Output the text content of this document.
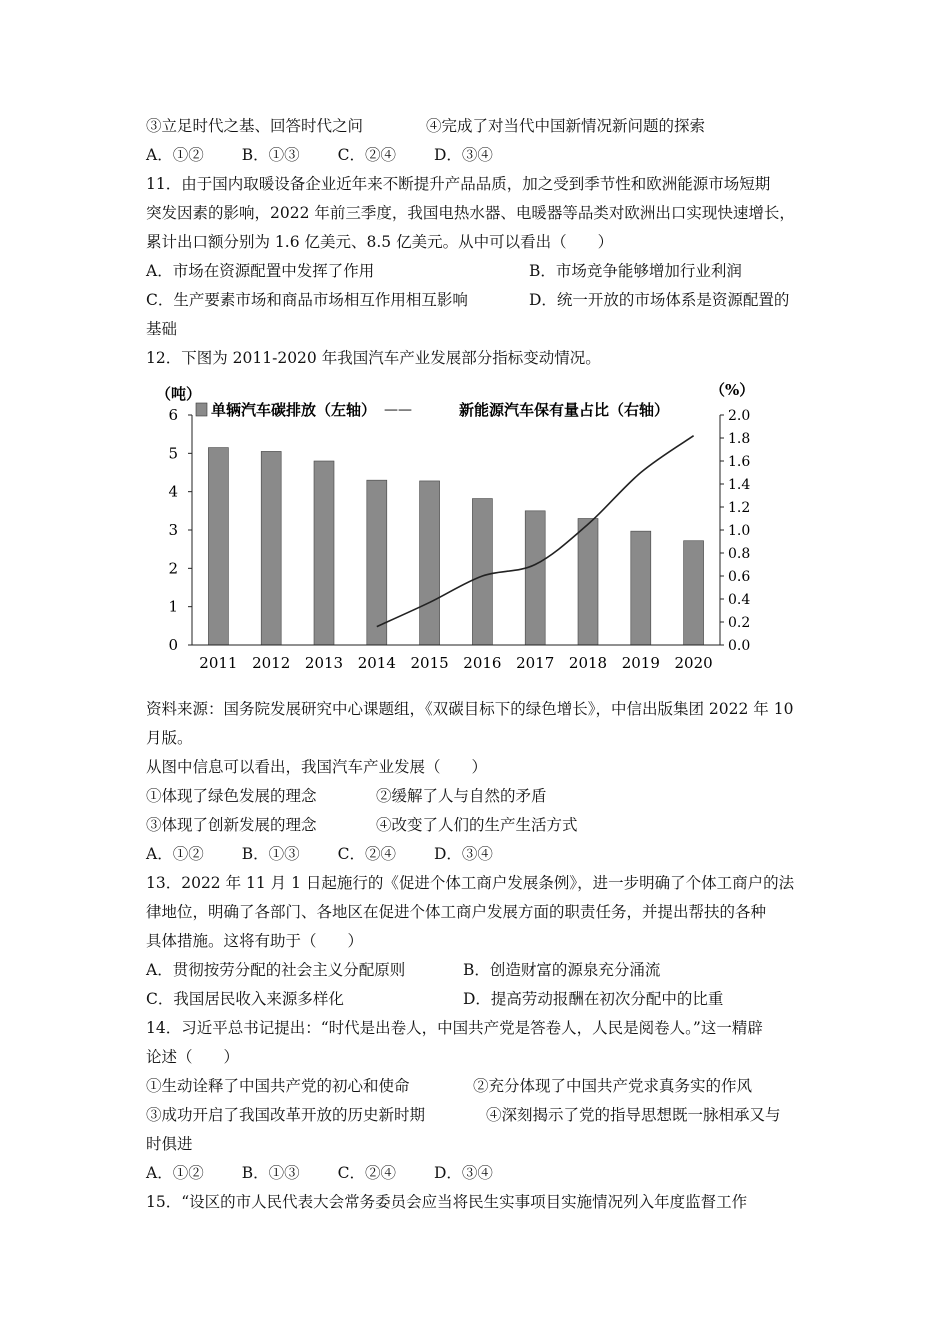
③立足时代之基、回答时代之问	④完成了对当代中国新情况新问题的探索
A．①② B．①③ C．②④ D．③④
11．由于国内取暖设备企业近年来不断提升产品品质，加之受到季节性和欧洲能源市场短期
突发因素的影响，2022 年前三季度，我国电热水器、电暖器等品类对欧洲出口实现快速增长，
累计出口额分别为 1.6 亿美元、8.5 亿美元。从中可以看出（　　）
A．市场在资源配置中发挥了作用	B．市场竞争能够增加行业利润
C．生产要素市场和商品市场相互作用相互影响	D．统一开放的市场体系是资源配置的
基础
12．下图为 2011-2020 年我国汽车产业发展部分指标变动情况。
（吨）	（%）
单辆汽车碳排放（左轴） ——	新能源汽车保有量占比（右轴）
0
1
2
3
4
5
6
0.0
0.2
0.4
0.6
0.8
1.0
1.2
1.4
1.6
1.8
2.0
2011 2012 2013 2014 2015 2016 2017 2018 2019 2020
资料来源：国务院发展研究中心课题组，《双碳目标下的绿色增长》，中信出版集团 2022 年 10
月版。
从图中信息可以看出，我国汽车产业发展（　　）
①体现了绿色发展的理念	②缓解了人与自然的矛盾
③体现了创新发展的理念	④改变了人们的生产生活方式
A．①② B．①③ C．②④ D．③④
13．2022 年 11 月 1 日起施行的《促进个体工商户发展条例》，进一步明确了个体工商户的法
律地位，明确了各部门、各地区在促进个体工商户发展方面的职责任务，并提出帮扶的各种
具体措施。这将有助于（　　）
A．贯彻按劳分配的社会主义分配原则	B．创造财富的源泉充分涌流
C．我国居民收入来源多样化	D．提高劳动报酬在初次分配中的比重
14．习近平总书记提出：“时代是出卷人，中国共产党是答卷人，人民是阅卷人。”这一精辟
论述（　　）
①生动诠释了中国共产党的初心和使命	②充分体现了中国共产党求真务实的作风
③成功开启了我国改革开放的历史新时期	④深刻揭示了党的指导思想既一脉相承又与
时俱进
A．①② B．①③ C．②④ D．③④
15．“设区的市人民代表大会常务委员会应当将民生实事项目实施情况列入年度监督工作
